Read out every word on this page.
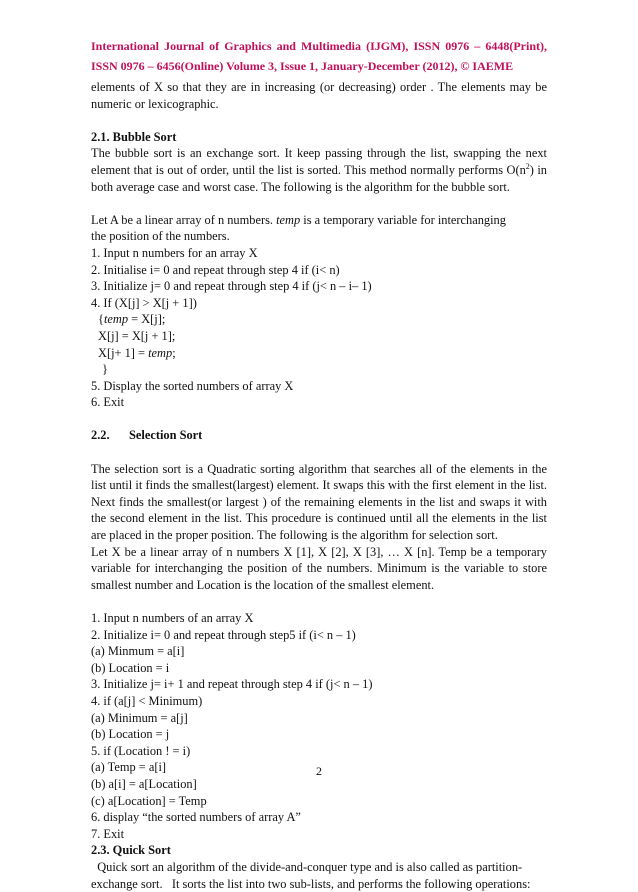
International Journal of Graphics and Multimedia (IJGM), ISSN 0976 – 6448(Print), ISSN 0976 – 6456(Online) Volume 3, Issue 1, January-December (2012), © IAEME

elements of X so that they are in increasing (or decreasing) order . The elements may be numeric or lexicographic.

2.1. Bubble Sort

The bubble sort is an exchange sort. It keep passing through the list, swapping the next element that is out of order, until the list is sorted. This method normally performs $O(n^2)$ in both average case and worst case. The following is the algorithm for the bubble sort.

Let A be a linear array of n numbers. temp is a temporary variable for interchanging

the position of the numbers.

1. Input n numbers for an array X

2. Initialise i= 0 and repeat through step 4 if (i< n)

3. Initialize j= 0 and repeat through step 4 if (j< n – i– 1)

4. If (X[j] > X[j + 1])

{temp = X[j];

X[j] = X[j + 1];

X[j+ 1] = temp;

}

5. Display the sorted numbers of array X

6. Exit

2.2. Selection Sort

The selection sort is a Quadratic sorting algorithm that searches all of the elements in the list until it finds the smallest(largest) element. It swaps this with the first element in the list. Next finds the smallest(or largest ) of the remaining elements in the list and swaps it with the second element in the list. This procedure is continued until all the elements in the list are placed in the proper position. The following is the algorithm for selection sort.

Let X be a linear array of n numbers X [1], X [2], X [3], … X [n]. Temp be a temporary variable for interchanging the position of the numbers. Minimum is the variable to store smallest number and Location is the location of the smallest element.

1. Input n numbers of an array X

2. Initialize i= 0 and repeat through step5 if (i< n – 1)

(a) Minmum = a[i]

(b) Location = i

3. Initialize j= i+ 1 and repeat through step 4 if (j< n – 1)

4. if (a[j] < Minimum)

(a) Minimum = a[j]

(b) Location = j

5. if (Location ! = i)

(a) Temp = a[i]

(b) a[i] = a[Location]

(c) a[Location] = Temp

6. display “the sorted numbers of array A”

7. Exit

2.3. Quick Sort

Quick sort an algorithm of the divide-and-conquer type and is also called as partition-

exchange sort.   It sorts the list into two sub-lists, and performs the following operations:

2
